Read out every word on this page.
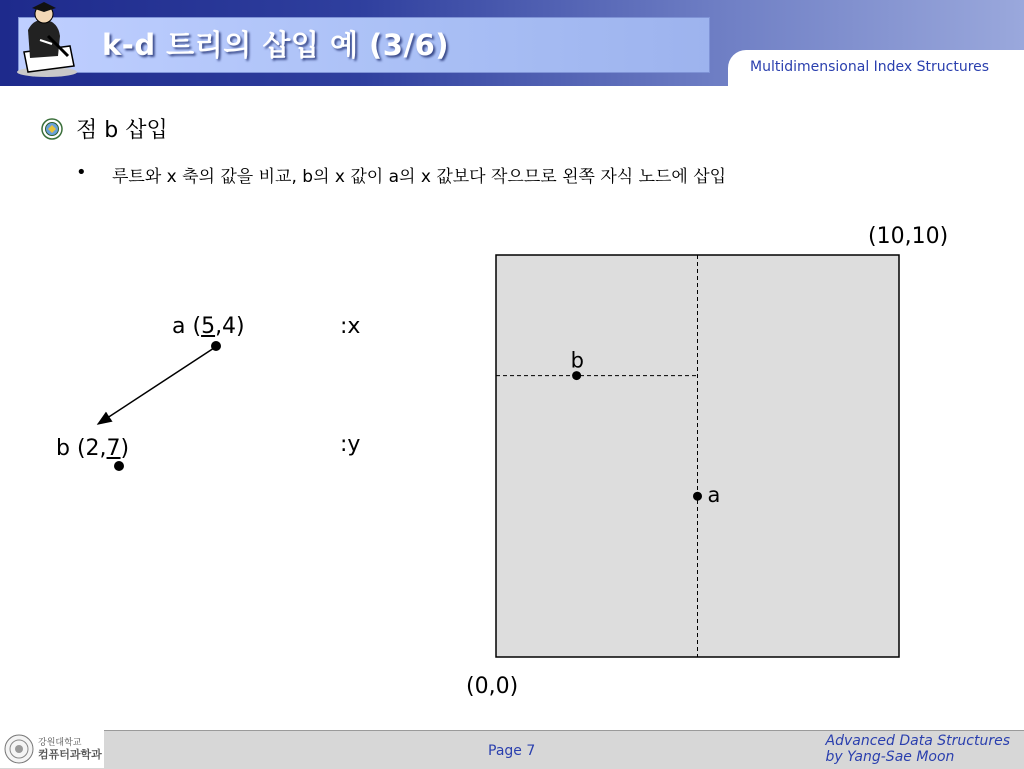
k-d 트리의 삽입 예 (3/6)
Multidimensional Index Structures
점 b 삽입
• 루트와 x 축의 값을 비교, b의 x 값이 a의 x 값보다 작으므로 왼쪽 자식 노드에 삽입
a (5,4)
b (2,7)
:x
:y
a
b
(10,10)
(0,0)
강원대학교
컴퓨터과학과	Page 7
Advanced Data Structures
by Yang-Sae Moon
